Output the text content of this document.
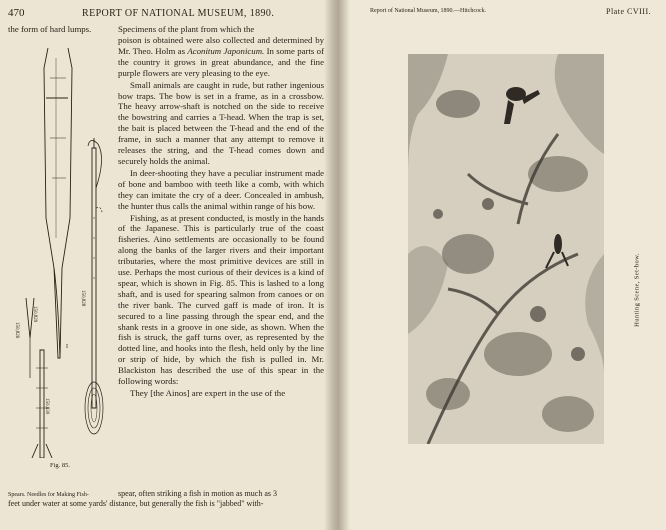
470	REPORT OF NATIONAL MUSEUM, 1890.
the form of hard lumps.	Specimens of the plant from which the
I
150,826
150,829
150,828
150,830
Fig. 85.

poison is obtained were also collected and determined by Mr. Theo. Holm as Aconitum Japonicum. In some parts of the country it grows in great abundance, and the fine purple flowers are very pleasing to the eye.

Small animals are caught in rude, but rather ingenious bow traps. The bow is set in a frame, as in a crossbow. The heavy arrow-shaft is notched on the side to receive the bowstring and carries a T-head. When the trap is set, the bait is placed between the T-head and the end of the frame, in such a manner that any attempt to remove it releases the string, and the T-head comes down and securely holds the animal.

In deer-shooting they have a peculiar instrument made of bone and bamboo with teeth like a comb, with which they can imitate the cry of a deer. Concealed in ambush, the hunter thus calls the animal within range of his bow.

Fishing, as at present conducted, is mostly in the hands of the Japanese. This is particularly true of the coast fisheries. Aino settlements are occasionally to be found along the banks of the larger rivers and their important tributaries, where the most primitive devices are still in use. Perhaps the most curious of their devices is a kind of spear, which is shown in Fig. 85. This is lashed to a long shaft, and is used for spearing salmon from canoes or on the river bank. The curved gaff is made of iron. It is secured to a line passing through the spear end, and the shank rests in a groove in one side, as shown. When the fish is struck, the gaff turns over, as represented by the dotted line, and hooks into the flesh, held only by the line or strip of hide, by which the fish is pulled in. Mr. Blackiston has described the use of this spear in the following words:

They [the Ainos] are expert in the use of the

Spears. Needles for Making Fish-	spear, often striking a fish in motion as much as 3
feet under water at some yards' distance, but generally the fish is "jabbed" with-
Report of National Museum, 1890.—Hitchcock.	Plate CVIII.
Hunting Scene, Set-bow.
